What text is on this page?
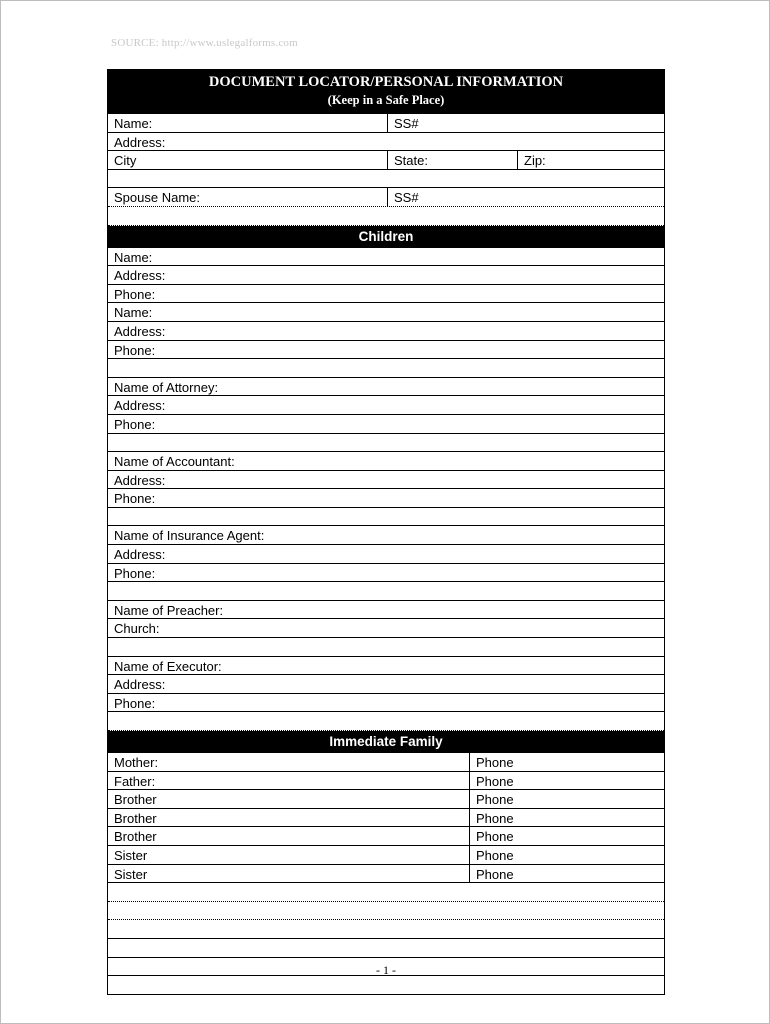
SOURCE: http://www.uslegalforms.com
DOCUMENT LOCATOR/PERSONAL INFORMATION
(Keep in a Safe Place)
Name:	SS#
Address:
City	State:	Zip:
Spouse Name:	SS#
Children
Name:
Address:
Phone:
Name:
Address:
Phone:
Name of Attorney:
Address:
Phone:
Name of Accountant:
Address:
Phone:
Name of Insurance Agent:
Address:
Phone:
Name of Preacher:
Church:
Name of Executor:
Address:
Phone:
Immediate Family
Mother:	Phone
Father:	Phone
Brother	Phone
Brother	Phone
Brother	Phone
Sister	Phone
Sister	Phone
- 1 -
